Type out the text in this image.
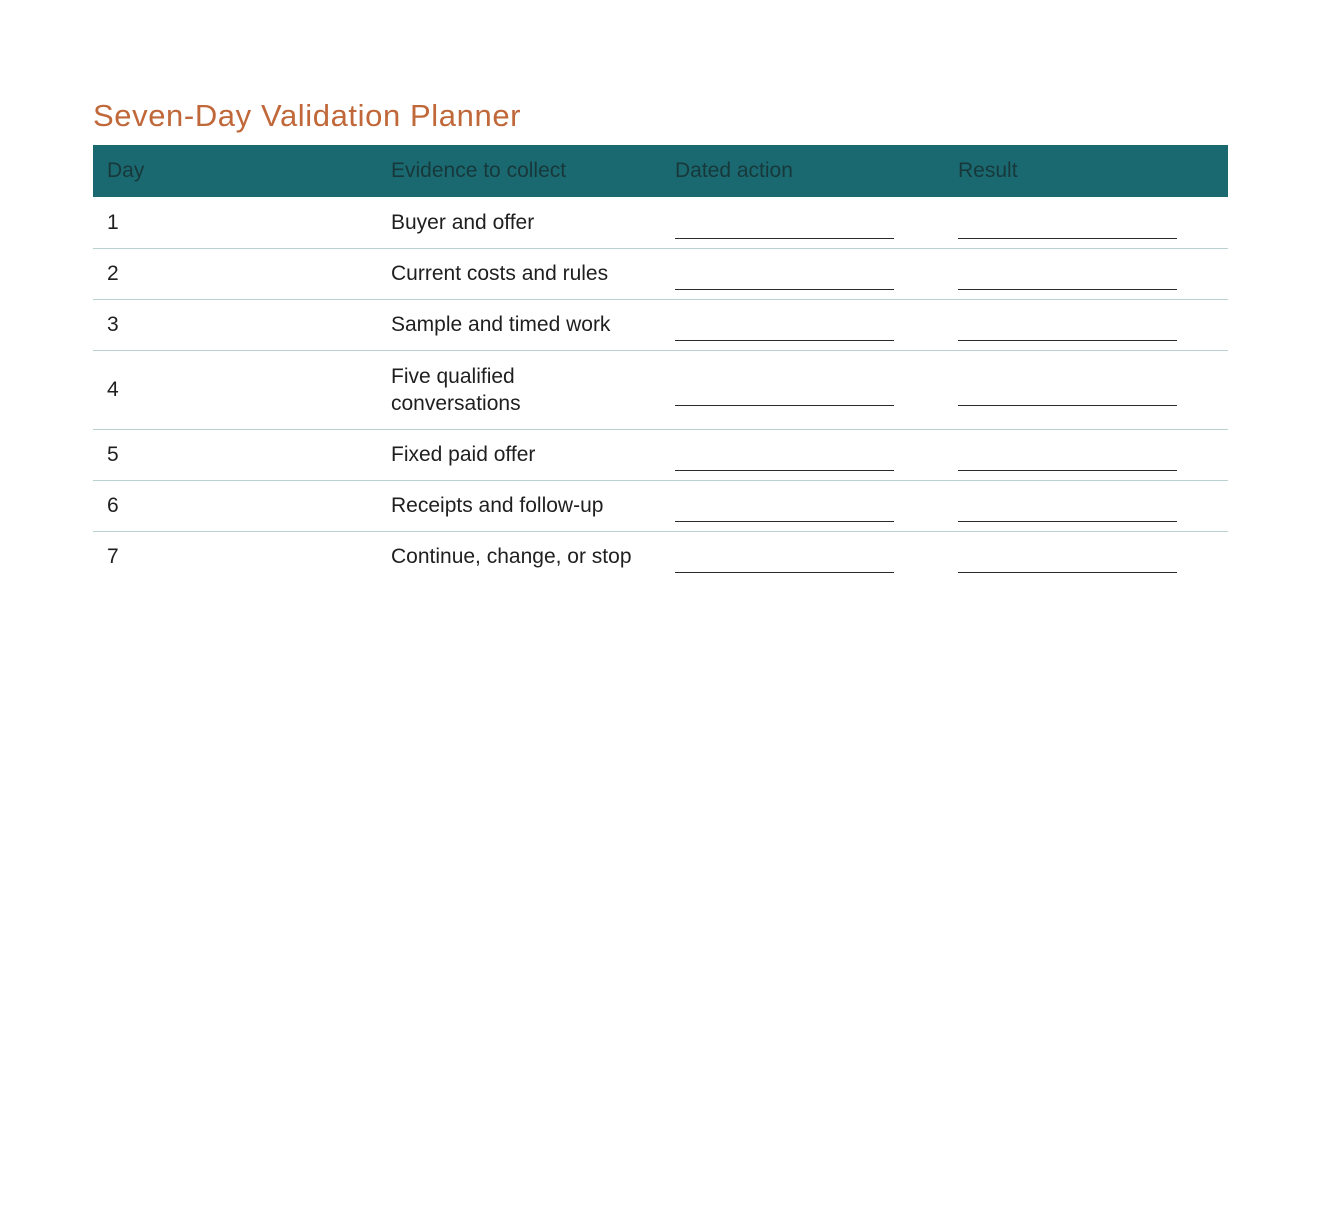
Seven-Day Validation Planner
Day	Evidence to collect	Dated action	Result
1	Buyer and offer		
2	Current costs and rules		
3	Sample and timed work		
4	Five qualified conversations		
5	Fixed paid offer		
6	Receipts and follow-up		
7	Continue, change, or stop		
